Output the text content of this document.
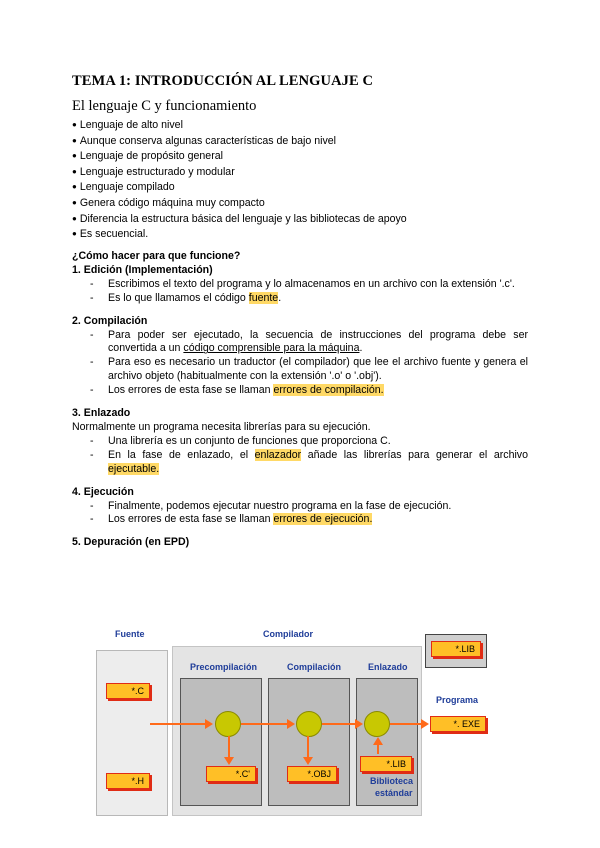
TEMA 1: INTRODUCCIÓN AL LENGUAJE C
El lenguaje C y funcionamiento
● Lenguaje de alto nivel
● Aunque conserva algunas características de bajo nivel
● Lenguaje de propósito general
● Lenguaje estructurado y modular
● Lenguaje compilado
● Genera código máquina muy compacto
● Diferencia la estructura básica del lenguaje y las bibliotecas de apoyo
● Es secuencial.
¿Cómo hacer para que funcione?
1. Edición (Implementación)
- Escribimos el texto del programa y lo almacenamos en un archivo con la extensión '.c'.
- Es lo que llamamos el código fuente.
2. Compilación
- Para poder ser ejecutado, la secuencia de instrucciones del programa debe ser convertida a un código comprensible para la máquina.
- Para eso es necesario un traductor (el compilador) que lee el archivo fuente y genera el archivo objeto (habitualmente con la extensión '.o' o '.obj').
- Los errores de esta fase se llaman errores de compilación.
3. Enlazado
Normalmente un programa necesita librerías para su ejecución.
- Una librería es un conjunto de funciones que proporciona C.
- En la fase de enlazado, el enlazador añade las librerías para generar el archivo ejecutable.
4. Ejecución
- Finalmente, podemos ejecutar nuestro programa en la fase de ejecución.
- Los errores de esta fase se llaman errores de ejecución.
5. Depuración (en EPD)
Fuente	Compilador
Precompilación	Compilación	Enlazado
*.LIB
Programa
*.C
*.H
*.C'	*.OBJ
*.LIB
*. EXE
Biblioteca
estándar
